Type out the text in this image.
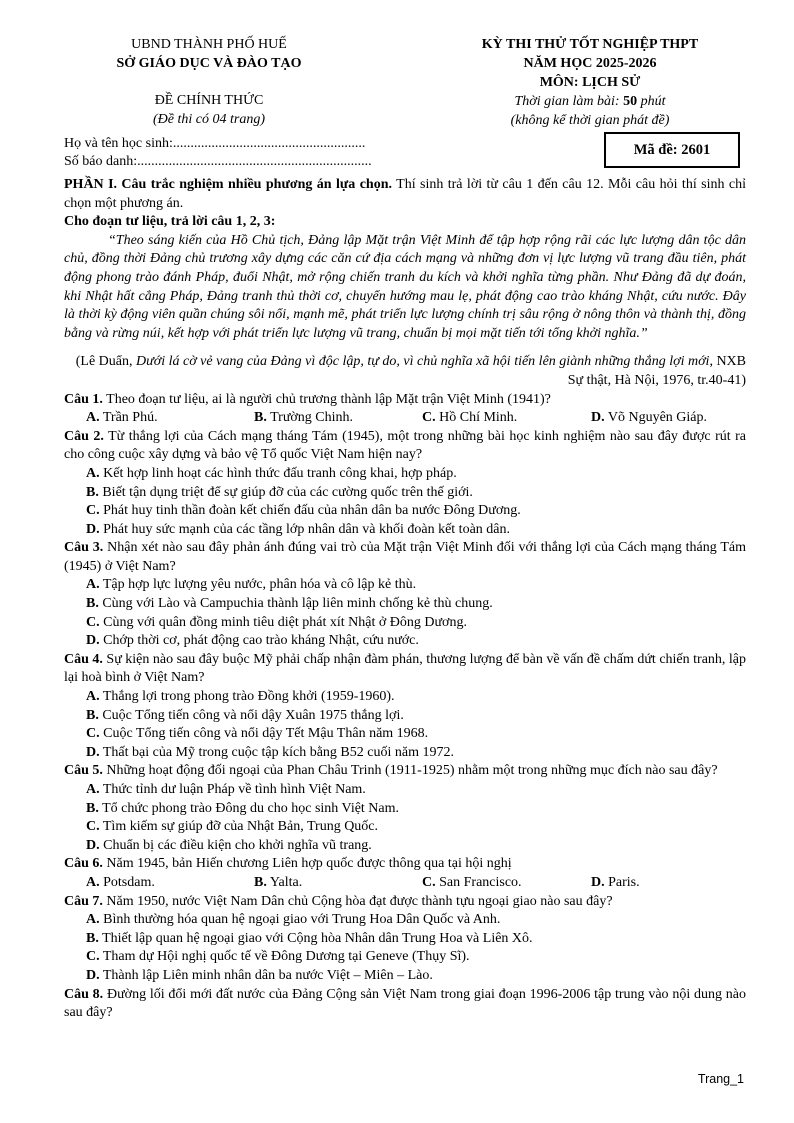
UBND THÀNH PHỐ HUẾ
SỞ GIÁO DỤC VÀ ĐÀO TẠO
ĐỀ CHÍNH THỨC
(Đề thi có 04 trang)
KỲ THI THỬ TỐT NGHIỆP THPT
NĂM HỌC 2025-2026
MÔN: LỊCH SỬ
Thời gian làm bài: 50 phút
(không kể thời gian phát đề)
Họ và tên học sinh:.......................................................
Số báo danh:...................................................................
Mã đề: 2601

PHẦN I. Câu trắc nghiệm nhiều phương án lựa chọn. Thí sinh trả lời từ câu 1 đến câu 12. Mỗi câu hỏi thí sinh chỉ chọn một phương án.

Cho đoạn tư liệu, trả lời câu 1, 2, 3:

“Theo sáng kiến của Hồ Chủ tịch, Đảng lập Mặt trận Việt Minh để tập hợp rộng rãi các lực lượng dân tộc dân chủ, đồng thời Đảng chủ trương xây dựng các căn cứ địa cách mạng và những đơn vị lực lượng vũ trang đầu tiên, phát động phong trào đánh Pháp, đuổi Nhật, mở rộng chiến tranh du kích và khởi nghĩa từng phần. Như Đảng đã dự đoán, khi Nhật hất cẳng Pháp, Đảng tranh thủ thời cơ, chuyển hướng mau lẹ, phát động cao trào kháng Nhật, cứu nước. Đây là thời kỳ động viên quần chúng sôi nổi, mạnh mẽ, phát triển lực lượng chính trị sâu rộng ở nông thôn và thành thị, đồng bằng và rừng núi, kết hợp với phát triển lực lượng vũ trang, chuẩn bị mọi mặt tiến tới tổng khởi nghĩa.”

(Lê Duẩn, Dưới lá cờ vẻ vang của Đảng vì độc lập, tự do, vì chủ nghĩa xã hội tiến lên giành những thắng lợi mới, NXB Sự thật, Hà Nội, 1976, tr.40-41)

Câu 1. Theo đoạn tư liệu, ai là người chủ trương thành lập Mặt trận Việt Minh (1941)?

A. Trần Phú.	B. Trường Chinh.	C. Hồ Chí Minh.	D. Võ Nguyên Giáp.

Câu 2. Từ thắng lợi của Cách mạng tháng Tám (1945), một trong những bài học kinh nghiệm nào sau đây được rút ra cho công cuộc xây dựng và bảo vệ Tổ quốc Việt Nam hiện nay?

A. Kết hợp linh hoạt các hình thức đấu tranh công khai, hợp pháp.

B. Biết tận dụng triệt để sự giúp đỡ của các cường quốc trên thế giới.

C. Phát huy tinh thần đoàn kết chiến đấu của nhân dân ba nước Đông Dương.

D. Phát huy sức mạnh của các tầng lớp nhân dân và khối đoàn kết toàn dân.

Câu 3. Nhận xét nào sau đây phản ánh đúng vai trò của Mặt trận Việt Minh đối với thắng lợi của Cách mạng tháng Tám (1945) ở Việt Nam?

A. Tập hợp lực lượng yêu nước, phân hóa và cô lập kẻ thù.

B. Cùng với Lào và Campuchia thành lập liên minh chống kẻ thù chung.

C. Cùng với quân đồng minh tiêu diệt phát xít Nhật ở Đông Dương.

D. Chớp thời cơ, phát động cao trào kháng Nhật, cứu nước.

Câu 4. Sự kiện nào sau đây buộc Mỹ phải chấp nhận đàm phán, thương lượng để bàn về vấn đề chấm dứt chiến tranh, lập lại hoà bình ở Việt Nam?

A. Thắng lợi trong phong trào Đồng khởi (1959-1960).

B. Cuộc Tổng tiến công và nổi dậy Xuân 1975 thắng lợi.

C. Cuộc Tổng tiến công và nổi dậy Tết Mậu Thân năm 1968.

D. Thất bại của Mỹ trong cuộc tập kích bằng B52 cuối năm 1972.

Câu 5. Những hoạt động đối ngoại của Phan Châu Trinh (1911-1925) nhằm một trong những mục đích nào sau đây?

A. Thức tỉnh dư luận Pháp về tình hình Việt Nam.

B. Tổ chức phong trào Đông du cho học sinh Việt Nam.

C. Tìm kiếm sự giúp đỡ của Nhật Bản, Trung Quốc.

D. Chuẩn bị các điều kiện cho khởi nghĩa vũ trang.

Câu 6. Năm 1945, bản Hiến chương Liên hợp quốc được thông qua tại hội nghị

A. Potsdam.	B. Yalta.	C. San Francisco.	D. Paris.

Câu 7. Năm 1950, nước Việt Nam Dân chủ Cộng hòa đạt được thành tựu ngoại giao nào sau đây?

A. Bình thường hóa quan hệ ngoại giao với Trung Hoa Dân Quốc và Anh.

B. Thiết lập quan hệ ngoại giao với Cộng hòa Nhân dân Trung Hoa và Liên Xô.

C. Tham dự Hội nghị quốc tế về Đông Dương tại Geneve (Thụy Sĩ).

D. Thành lập Liên minh nhân dân ba nước Việt – Miên – Lào.

Câu 8. Đường lối đổi mới đất nước của Đảng Cộng sản Việt Nam trong giai đoạn 1996-2006 tập trung vào nội dung nào sau đây?

Trang_1
